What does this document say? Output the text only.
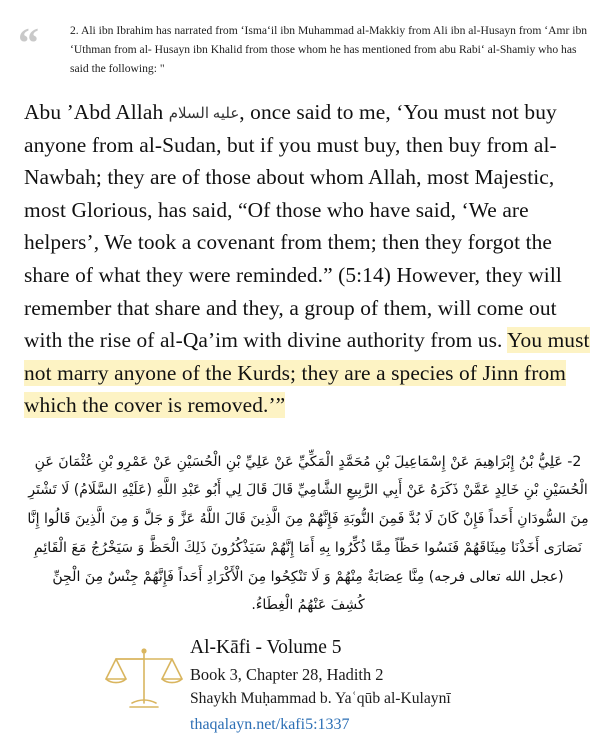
“	2. Ali ibn Ibrahim has narrated from ʻIsmaʻil ibn Muhammad al-Makkiy from Ali ibn al-Husayn from ʻAmr ibn ʻUthman from al- Husayn ibn Khalid from those whom he has mentioned from abu Rabiʻ al-Shamiy who has said the following: "
Abu ’Abd Allah عليه السلام, once said to me, ‘You must not buy anyone from al-Sudan, but if you must buy, then buy from al-Nawbah; they are of those about whom Allah, most Majestic, most Glorious, has said, “Of those who have said, ‘We are helpers’, We took a covenant from them; then they forgot the share of what they were reminded.” (5:14) However, they will remember that share and they, a group of them, will come out with the rise of al-Qa’im with divine authority from us. You must not marry anyone of the Kurds; they are a species of Jinn from which the cover is removed.’”
2- عَلِيُّ بْنُ إِبْرَاهِيمَ عَنْ إِسْمَاعِيلَ بْنِ مُحَمَّدٍ الْمَكِّيِّ عَنْ عَلِيِّ بْنِ الْحُسَيْنِ عَنْ عَمْرِو بْنِ عُثْمَانَ عَنِ
الْحُسَيْنِ بْنِ خَالِدٍ عَمَّنْ ذَكَرَهُ عَنْ أَبِي الرَّبِيعِ الشَّامِيِّ قَالَ قَالَ لِي أَبُو عَبْدِ اللَّهِ (عَلَيْهِ السَّلَامُ) لَا تَشْتَرِ
مِنَ السُّودَانِ أَحَداً فَإِنْ كَانَ لَا بُدَّ فَمِنَ النُّوبَةِ فَإِنَّهُمْ مِنَ الَّذِينَ قَالَ اللَّهُ عَزَّ وَ جَلَّ وَ مِنَ الَّذِينَ قَالُوا إِنَّا
نَصَارَى أَخَذْنَا مِيثَاقَهُمْ فَنَسُوا حَظّاً مِمَّا ذُكِّرُوا بِهِ أَمَا إِنَّهُمْ سَيَذْكُرُونَ ذَلِكَ الْحَظَّ وَ سَيَخْرُجُ مَعَ الْقَائِمِ
(عجل الله تعالى فرجه) مِنَّا عِصَابَةٌ مِنْهُمْ وَ لَا تَنْكِحُوا مِنَ الْأَكْرَادِ أَحَداً فَإِنَّهُمْ جِنْسٌ مِنَ الْجِنِّ
كُشِفَ عَنْهُمُ الْغِطَاءُ.
Al-Kāfi - Volume 5
Book 3, Chapter 28, Hadith 2
Shaykh Muḥammad b. Yaʿqūb al-Kulaynī
thaqalayn.net/kafi5:1337
